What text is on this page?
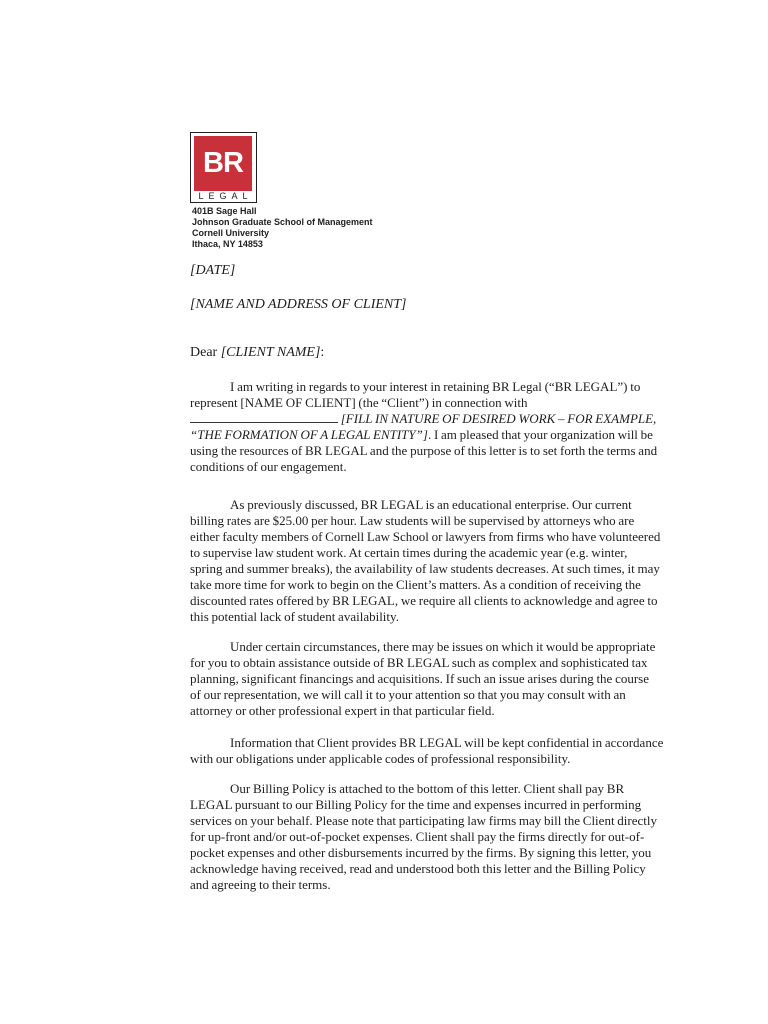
BR
LEGAL
401B Sage Hall
Johnson Graduate School of Management
Cornell University
Ithaca, NY 14853
[DATE]
[NAME AND ADDRESS OF CLIENT]
Dear [CLIENT NAME]:
I am writing in regards to your interest in retaining BR Legal (“BR LEGAL”) to
represent [NAME OF CLIENT] (the “Client”) in connection with
[FILL IN NATURE OF DESIRED WORK – FOR EXAMPLE,
“THE FORMATION OF A LEGAL ENTITY”]. I am pleased that your organization will be
using the resources of BR LEGAL and the purpose of this letter is to set forth the terms and
conditions of our engagement.
As previously discussed, BR LEGAL is an educational enterprise. Our current
billing rates are $25.00 per hour. Law students will be supervised by attorneys who are
either faculty members of Cornell Law School or lawyers from firms who have volunteered
to supervise law student work. At certain times during the academic year (e.g. winter,
spring and summer breaks), the availability of law students decreases. At such times, it may
take more time for work to begin on the Client’s matters. As a condition of receiving the
discounted rates offered by BR LEGAL, we require all clients to acknowledge and agree to
this potential lack of student availability.
Under certain circumstances, there may be issues on which it would be appropriate
for you to obtain assistance outside of BR LEGAL such as complex and sophisticated tax
planning, significant financings and acquisitions. If such an issue arises during the course
of our representation, we will call it to your attention so that you may consult with an
attorney or other professional expert in that particular field.
Information that Client provides BR LEGAL will be kept confidential in accordance
with our obligations under applicable codes of professional responsibility.
Our Billing Policy is attached to the bottom of this letter. Client shall pay BR
LEGAL pursuant to our Billing Policy for the time and expenses incurred in performing
services on your behalf. Please note that participating law firms may bill the Client directly
for up-front and/or out-of-pocket expenses. Client shall pay the firms directly for out-of-
pocket expenses and other disbursements incurred by the firms. By signing this letter, you
acknowledge having received, read and understood both this letter and the Billing Policy
and agreeing to their terms.
